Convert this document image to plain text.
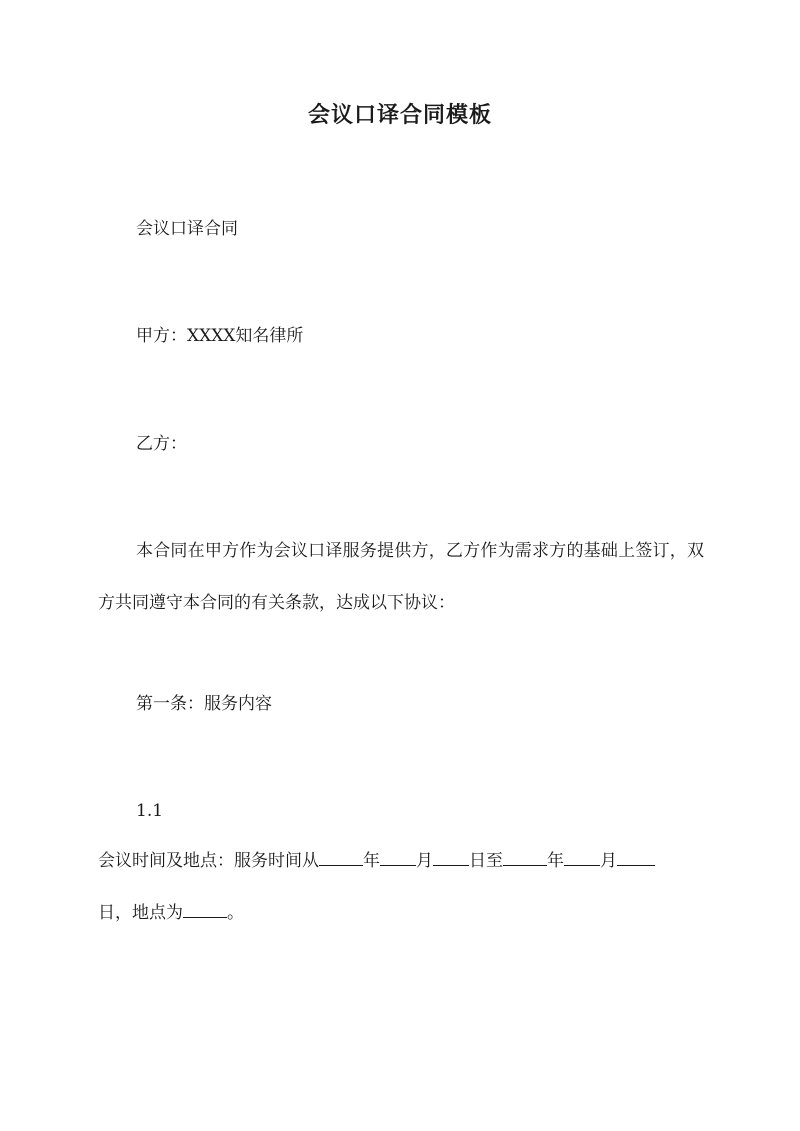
会议口译合同模板

会议口译合同

甲方：XXXX知名律所

乙方：

本合同在甲方作为会议口译服务提供方，乙方作为需求方的基础上签订，双方共同遵守本合同的有关条款，达成以下协议：

第一条：服务内容

1.1

会议时间及地点：服务时间从	年 月 日至	年 月

日，地点为	。
